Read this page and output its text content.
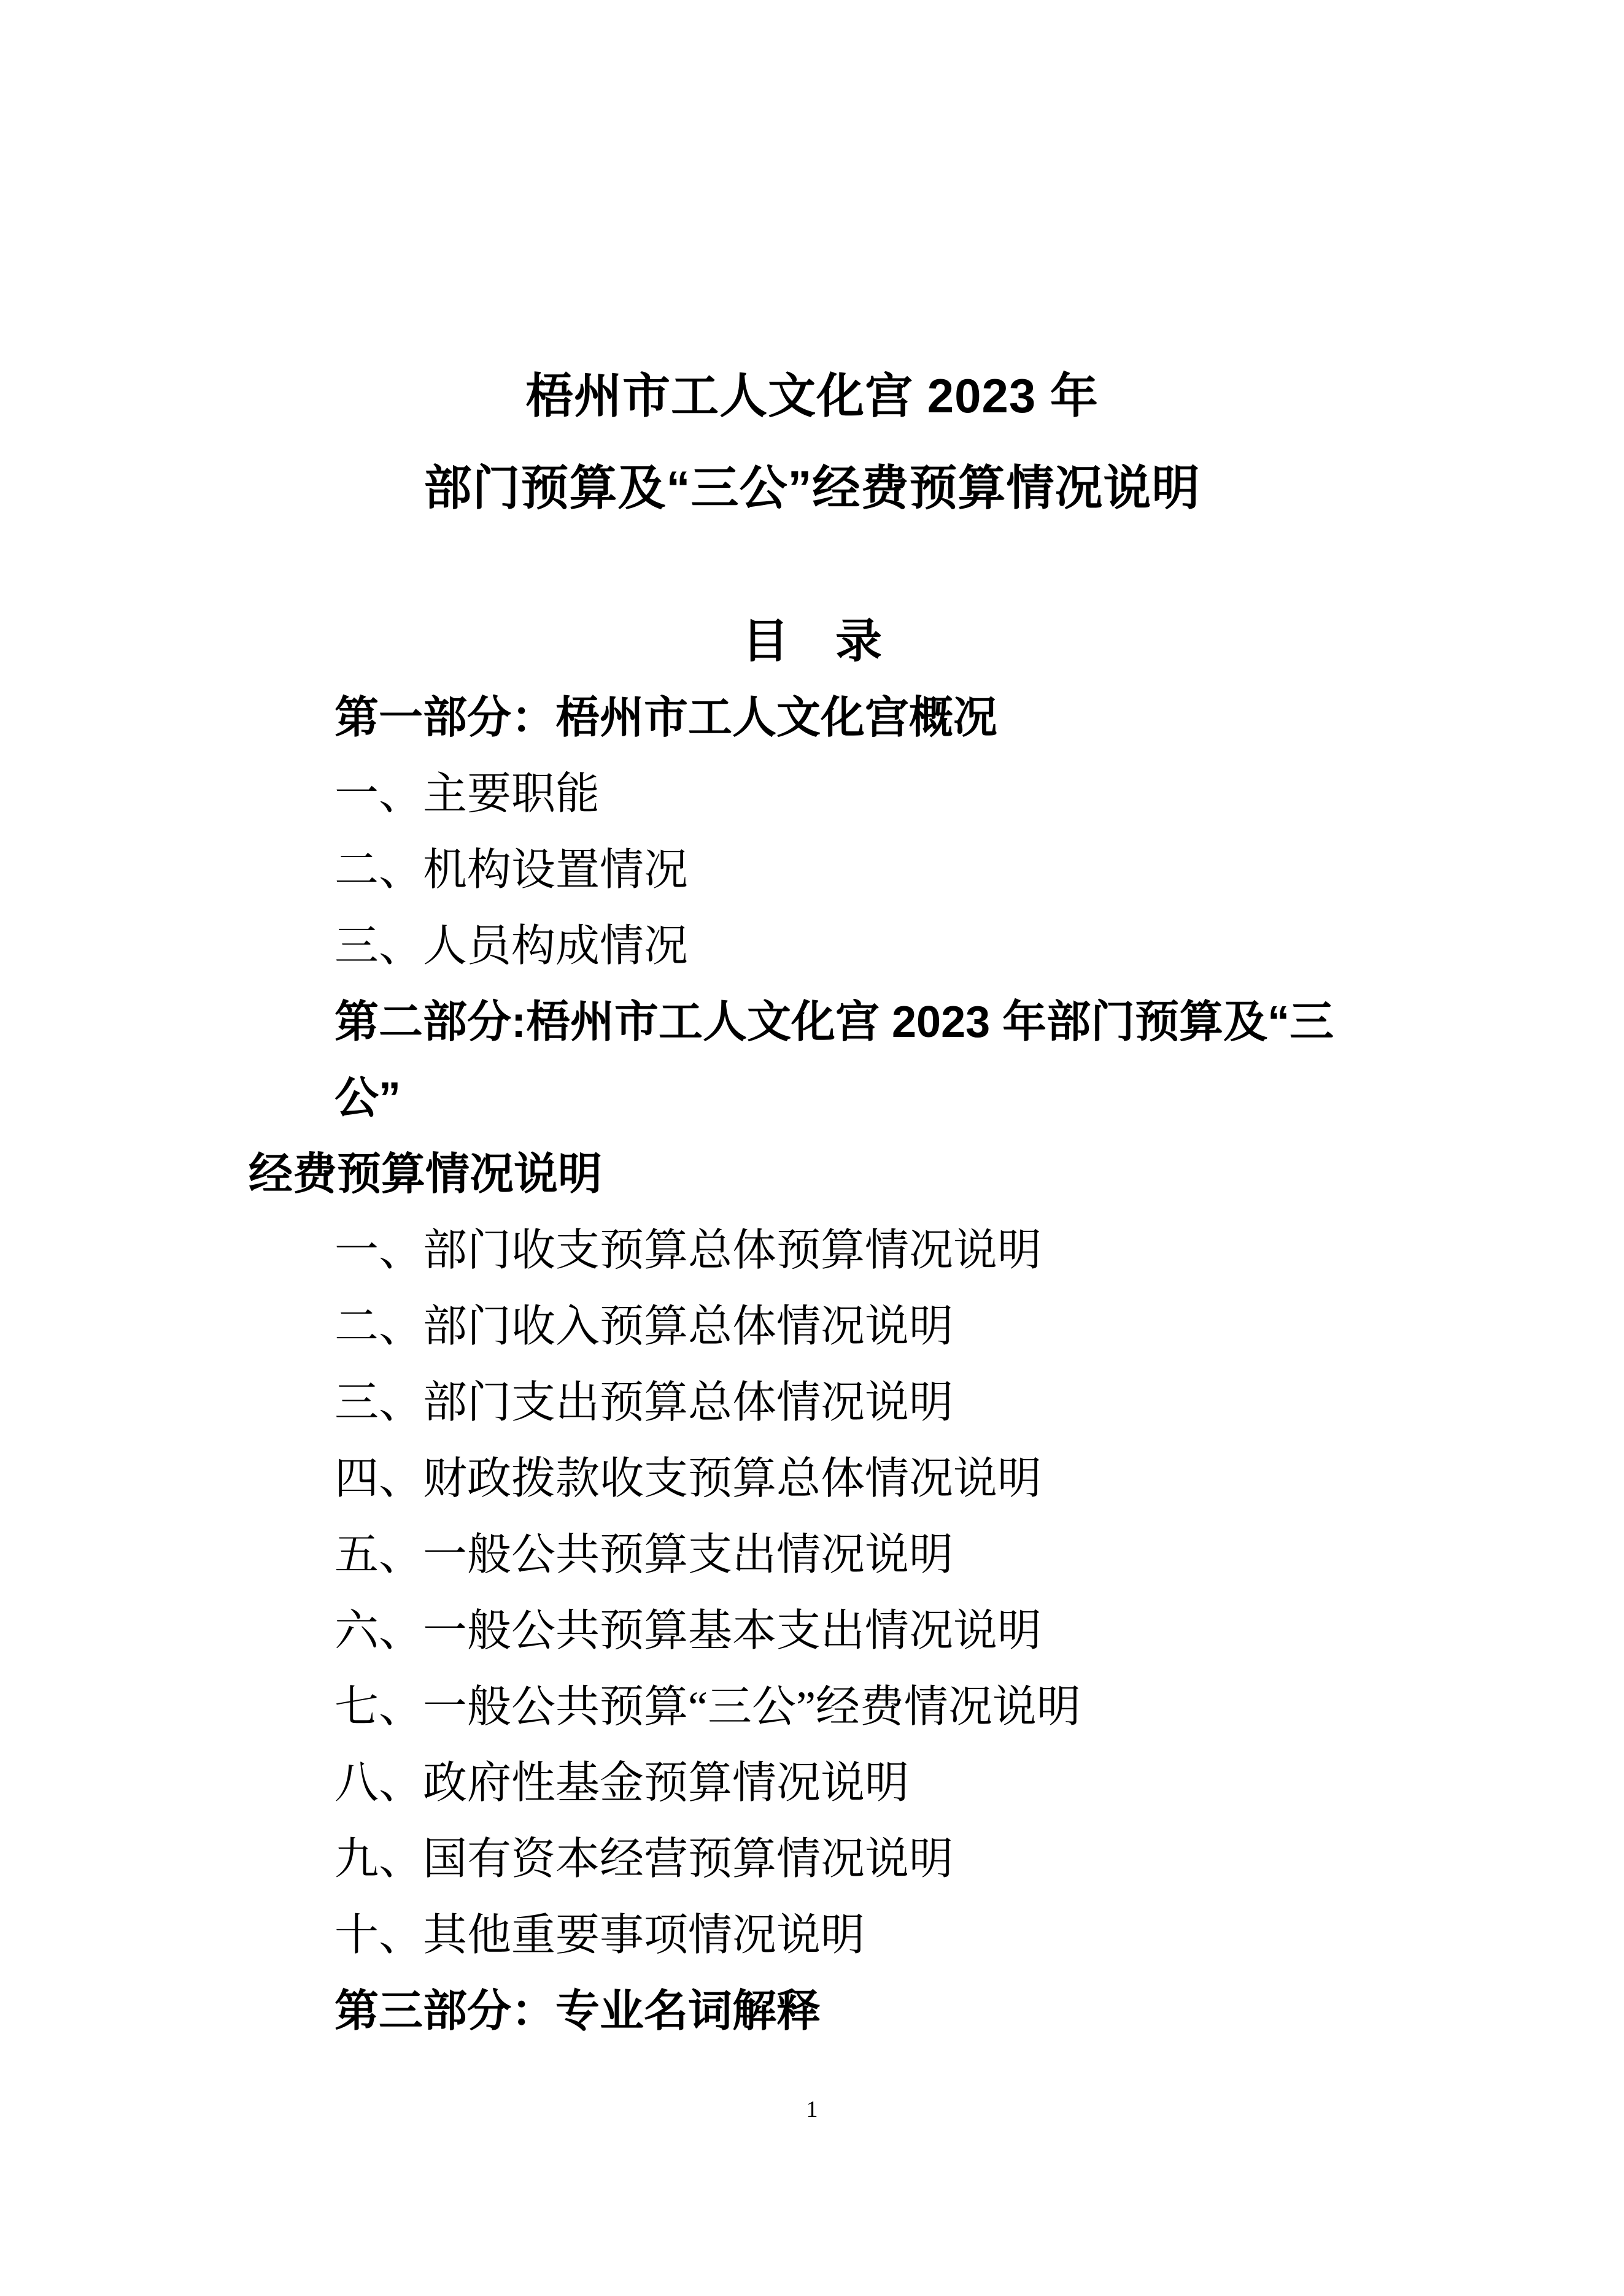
梧州市工人文化宫 2023 年
部门预算及“三公”经费预算情况说明
目　录
第一部分：梧州市工人文化宫概况
一、主要职能
二、机构设置情况
三、人员构成情况
第二部分:梧州市工人文化宫 2023 年部门预算及“三公”
经费预算情况说明
一、部门收支预算总体预算情况说明
二、部门收入预算总体情况说明
三、部门支出预算总体情况说明
四、财政拨款收支预算总体情况说明
五、一般公共预算支出情况说明
六、一般公共预算基本支出情况说明
七、一般公共预算“三公”经费情况说明
八、政府性基金预算情况说明
九、国有资本经营预算情况说明
十、其他重要事项情况说明
第三部分：专业名词解释
1
